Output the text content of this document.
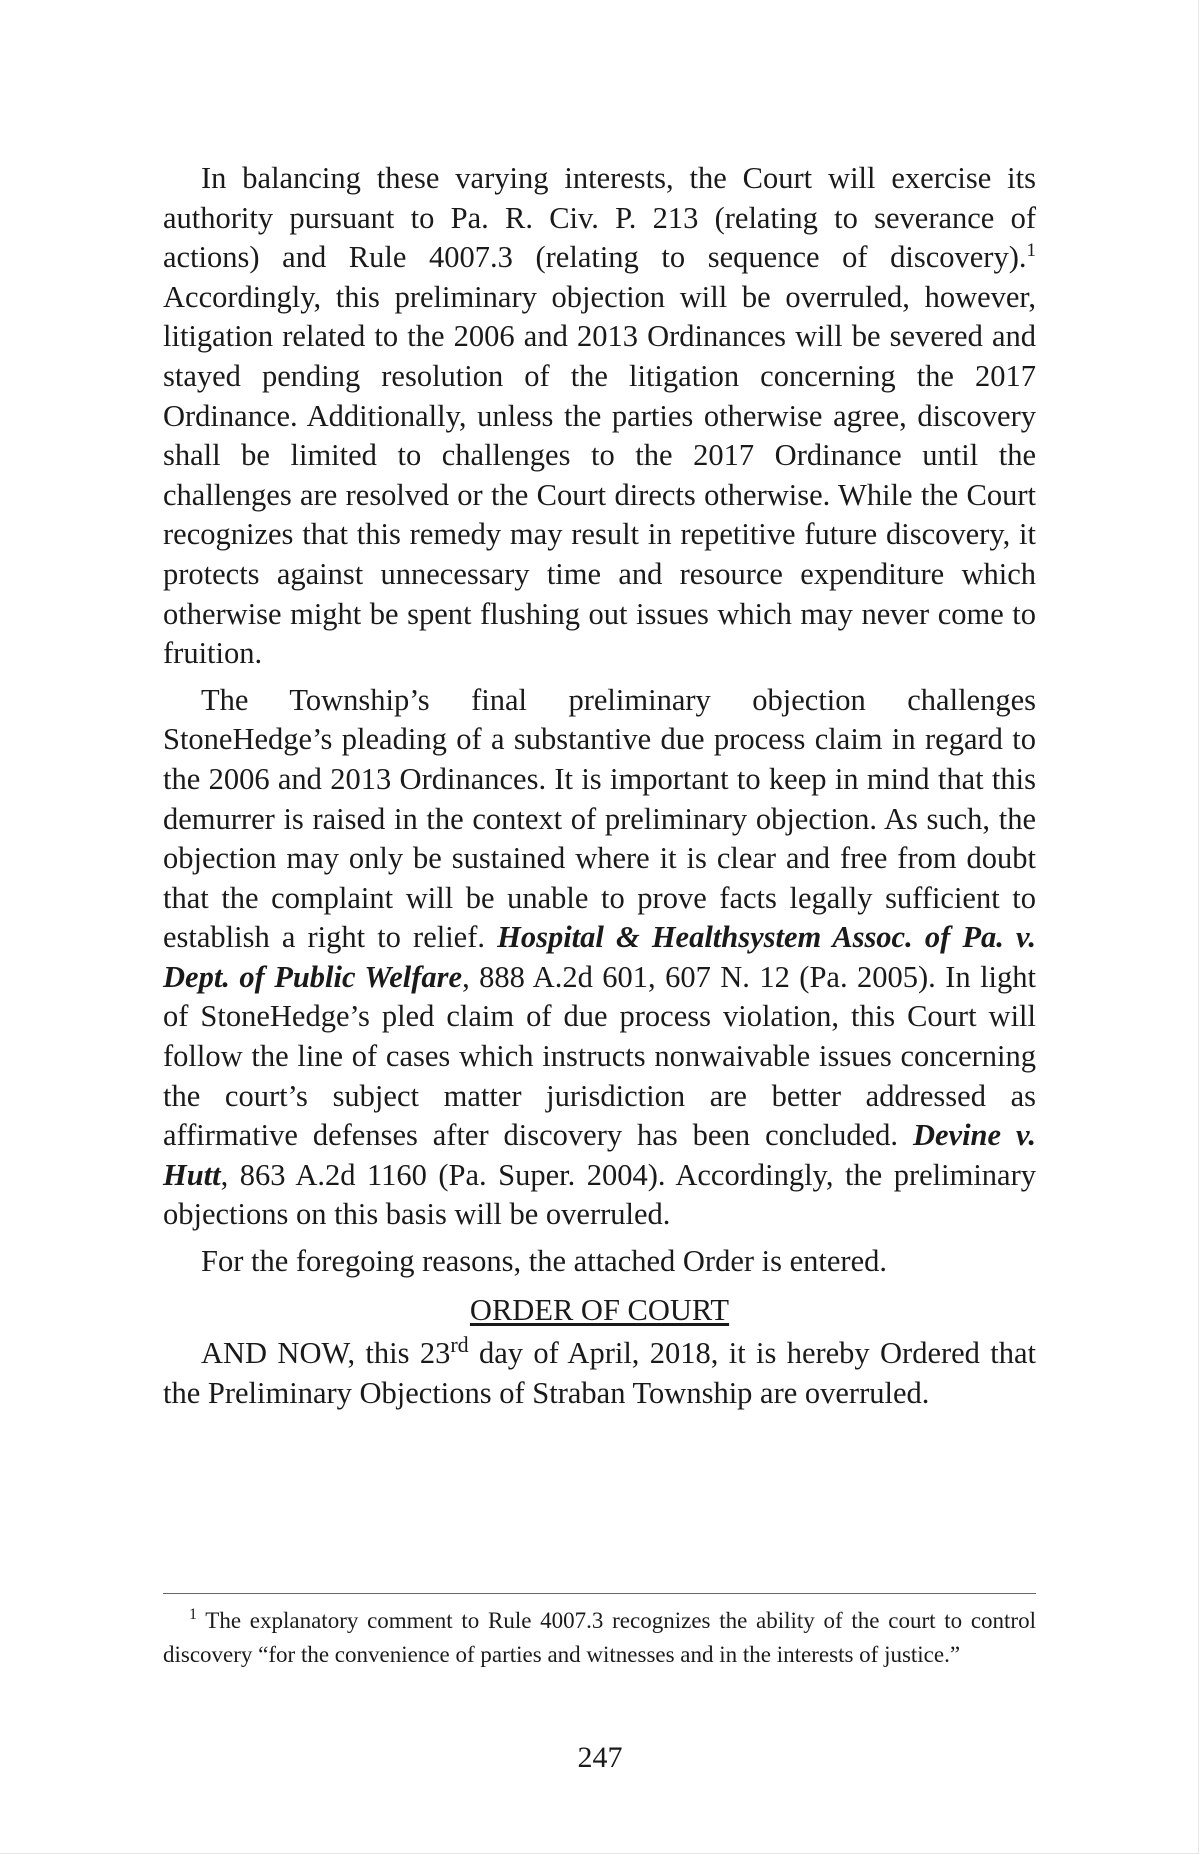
In balancing these varying interests, the Court will exercise its authority pursuant to Pa. R. Civ. P. 213 (relating to severance of actions) and Rule 4007.3 (relating to sequence of discovery).$^1$ Accordingly, this preliminary objection will be overruled, however, litigation related to the 2006 and 2013 Ordinances will be severed and stayed pending resolution of the litigation concerning the 2017 Ordinance. Additionally, unless the parties otherwise agree, discovery shall be limited to challenges to the 2017 Ordinance until the challenges are resolved or the Court directs otherwise. While the Court recognizes that this remedy may result in repetitive future discovery, it protects against unnecessary time and resource expenditure which otherwise might be spent flushing out issues which may never come to fruition.

The Township’s final preliminary objection challenges StoneHedge’s pleading of a substantive due process claim in regard to the 2006 and 2013 Ordinances. It is important to keep in mind that this demurrer is raised in the context of preliminary objection. As such, the objection may only be sustained where it is clear and free from doubt that the complaint will be unable to prove facts legally sufficient to establish a right to relief. Hospital & Healthsystem Assoc. of Pa. v. Dept. of Public Welfare, 888 A.2d 601, 607 N. 12 (Pa. 2005). In light of StoneHedge’s pled claim of due process violation, this Court will follow the line of cases which instructs nonwaivable issues concerning the court’s subject matter jurisdiction are better addressed as affirmative defenses after discovery has been concluded. Devine v. Hutt, 863 A.2d 1160 (Pa. Super. 2004). Accordingly, the preliminary objections on this basis will be overruled.

For the foregoing reasons, the attached Order is entered.

ORDER OF COURT

AND NOW, this 23rd day of April, 2018, it is hereby Ordered that the Preliminary Objections of Straban Township are overruled.

$^1$ The explanatory comment to Rule 4007.3 recognizes the ability of the court to control discovery “for the convenience of parties and witnesses and in the interests of justice.”

247
